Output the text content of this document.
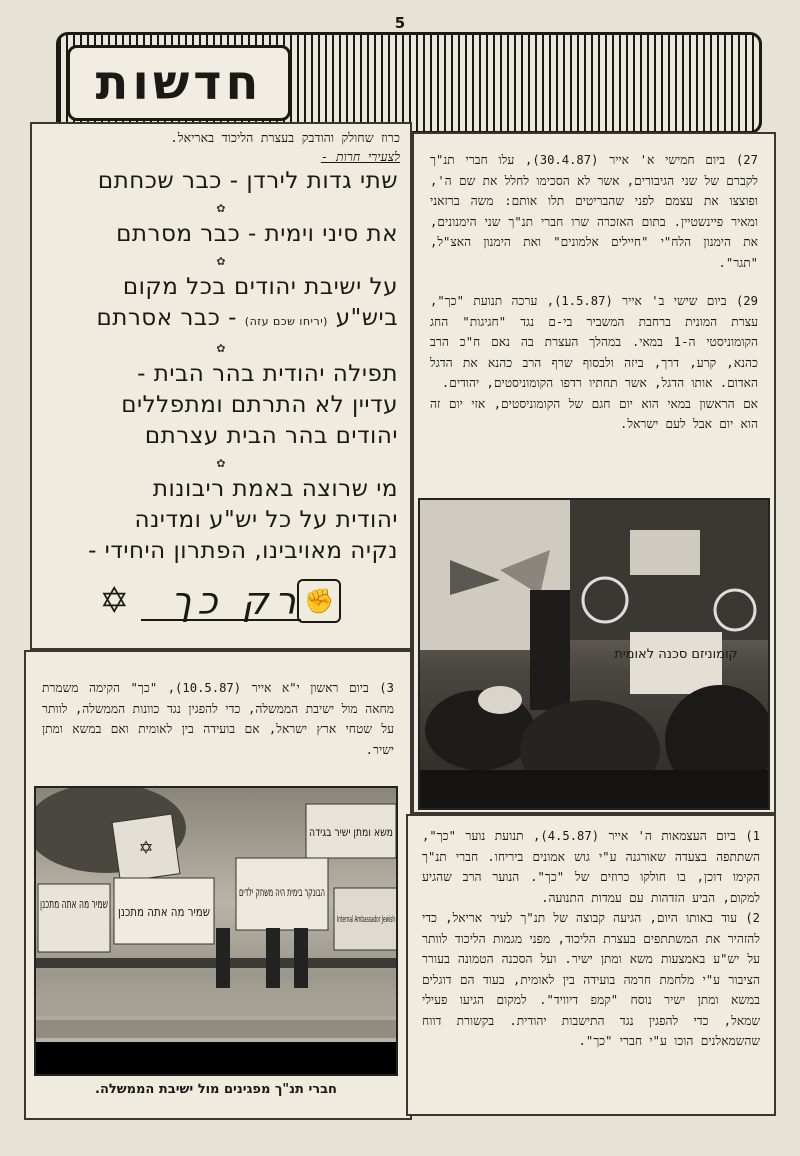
5
חדשות
כרוז שחולק והודבק בעצרת הליכוד באריאל.
לצעירי חרות -
שתי גדות לירדן - כבר שכחתם
✿
את סיני וימית - כבר מסרתם
✿
על ישיבת יהודים בכל מקום
ביש"ע (יריחו שכם עזה) - כבר אסרתם
✿
תפילה יהודית בהר הבית -
עדיין לא התרתם ומתפללים
יהודים בהר הבית עצרתם
✿
מי שרוצה באמת ריבונות
יהודית על כל יש"ע ומדינה
נקיה מאויבינו, הפתרון היחידי -
✡ רק כך ✊

27) ביום חמישי א' אייר (30.4.87), עלו חברי תנ"ך לקברם של שני הגיבורים, אשר לא הסכימו לחלל את שם ה', ופוצצו את עצמם לפני שהבריטים תלו אותם: משה ברזאני ומאיר פיינשטיין. בתום האזכרה שרו חברי תנ"ך שני הימנונים, את הימנון הלח"י "חיילים אלמונים" ואת הימנון האצ"ל, "תגר".

29) ביום שישי ב' אייר (1.5.87), ערכה תנועת "כך", עצרת המונית ברחבת המשביר בי-ם נגד "חגיגות" החג הקומוניסטי ה-1 במאי. במהלך העצרת בה נאם ח"כ הרב כהנא, קרע, דרך, ביזה ולבסוף שרף הרב כהנא את הדגל האדום. אותו הדגל, אשר תחתיו רדפו הקומוניסטים, יהודים.

אם הראשון במאי הוא יום חגם של הקומוניסטים, אזי יום זה הוא יום אבל לעם ישראל.

קומוניזם סכנה לאומית

3) ביום ראשון י"א אייר (10.5.87), "כך" הקימה משמרת מחאה מול ישיבת הממשלה, כדי להפגין נגד כוונות הממשלה, לוותר על שטחי ארץ ישראל, אם בועידה בין לאומית ואם במשא ומתן ישיר.

שמיר מה אתה מתכנן
✡
שמיר מה אתה מתכנן
הבונקר בימית היה משחק ילדים
משא ומתן ישיר בגידה
Internal Ambassador Jewish
חברי תנ"ך מפגינים מול ישיבת הממשלה.

1) ביום העצמאות ה' אייר (4.5.87), תנועת נוער "כך", השתתפה בצעדה שאורגנה ע"י גוש אמונים ביריחו. חברי תנ"ך הקימו דוכן, בו חולקו כרוזים של "כך". הנוער הרב שהגיע למקום, הביע הזדהות עם עמדות התנועה.

2) עוד באותו היום, הגיעה קבוצה של תנ"ך לעיר אריאל, כדי להזהיר את המשתתפים בעצרת הליכוד, מפני מגמות הליכוד לוותר על יש"ע באמצעות משא ומתן ישיר. ועל הסכנה הטמונה בעורר הציבור ע"י מלחמת חרמה בועידה בין לאומית, בעוד הם דוגלים במשא ומתן ישיר נוסח "קמפ דיוויד". למקום הגיעו פעילי שמאל, כדי להפגין נגד התישבות יהודית. בקשורת דווח שהשמאלנים הוכו ע"י חברי "כך".
